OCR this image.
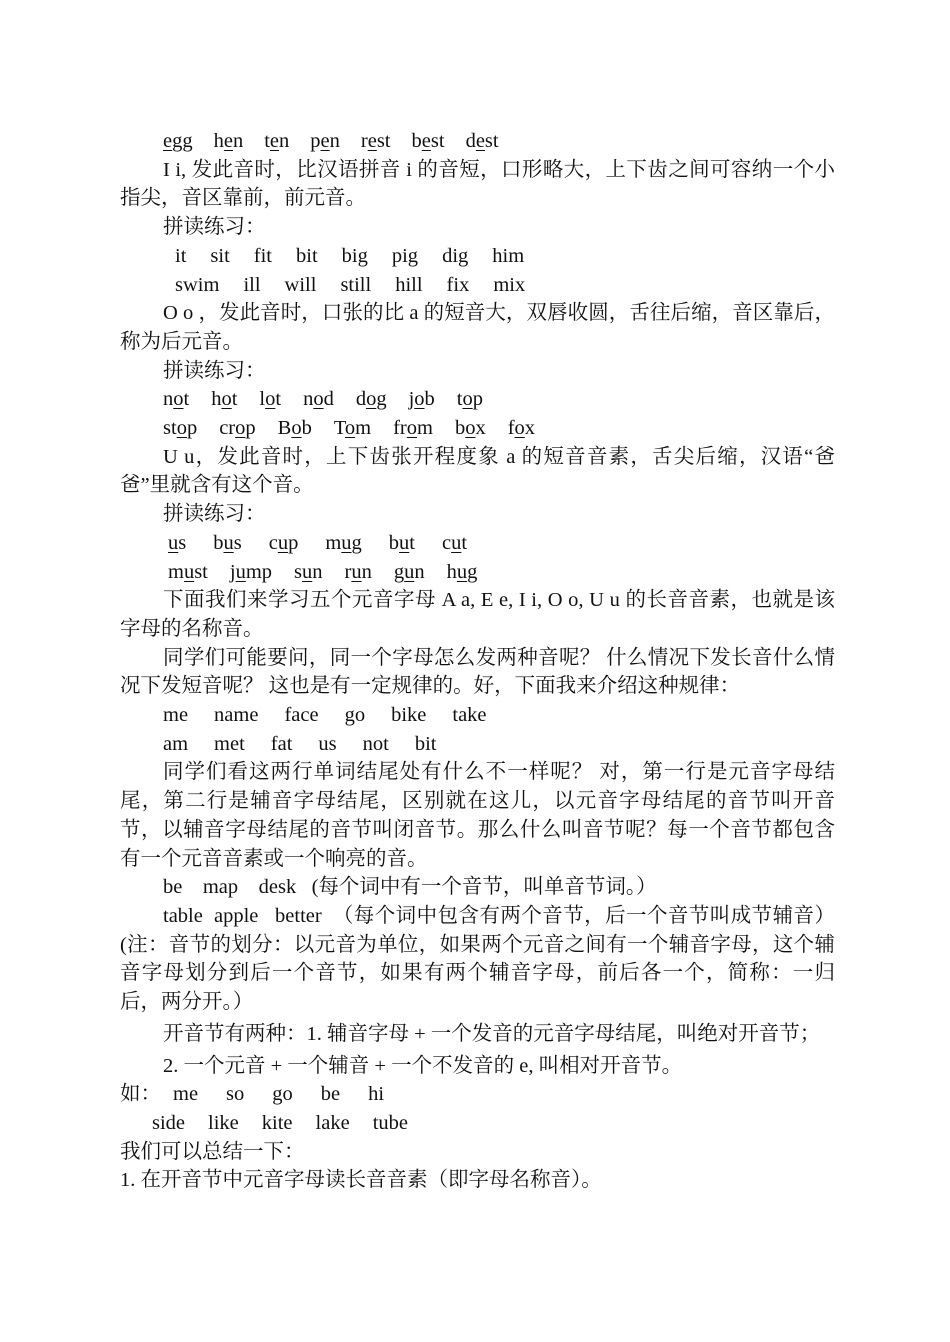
egg hen ten pen rest best dest

I i, 发此音时，比汉语拼音 i 的音短，口形略大，上下齿之间可容纳一个小指尖，音区靠前，前元音。

拼读练习：

it sit fit bit big pig dig him
swim ill will still hill fix mix

O o ，发此音时，口张的比 a 的短音大，双唇收圆，舌往后缩，音区靠后，称为后元音。

拼读练习：

not hot lot nod dog job top
stop crop Bob Tom from box fox

U u，发此音时，上下齿张开程度象 a 的短音音素，舌尖后缩，汉语“爸爸”里就含有这个音。

拼读练习：

us bus cup mug but cut
must jump sun run gun hug

下面我们来学习五个元音字母 A a, E e, I i, O o, U u 的长音音素，也就是该字母的名称音。

同学们可能要问，同一个字母怎么发两种音呢？ 什么情况下发长音什么情况下发短音呢？ 这也是有一定规律的。好，下面我来介绍这种规律：

me name face go bike take
am met fat us not bit

同学们看这两行单词结尾处有什么不一样呢？ 对，第一行是元音字母结尾，第二行是辅音字母结尾，区别就在这儿，以元音字母结尾的音节叫开音节，以辅音字母结尾的音节叫闭音节。那么什么叫音节呢？每一个音节都包含有一个元音音素或一个响亮的音。

be    map    desk   (每个词中有一个音节，叫单音节词。）

table  apple   better  （每个词中包含有两个音节，后一个音节叫成节辅音）(注：音节的划分：以元音为单位，如果两个元音之间有一个辅音字母，这个辅音字母划分到后一个音节，如果有两个辅音字母，前后各一个，简称：一归后，两分开。）

开音节有两种：1. 辅音字母 + 一个发音的元音字母结尾，叫绝对开音节；

2. 一个元音 + 一个辅音 + 一个不发音的 e, 叫相对开音节。

如： me so go be hi
side like kite lake tube

我们可以总结一下：

1. 在开音节中元音字母读长音音素（即字母名称音）。
